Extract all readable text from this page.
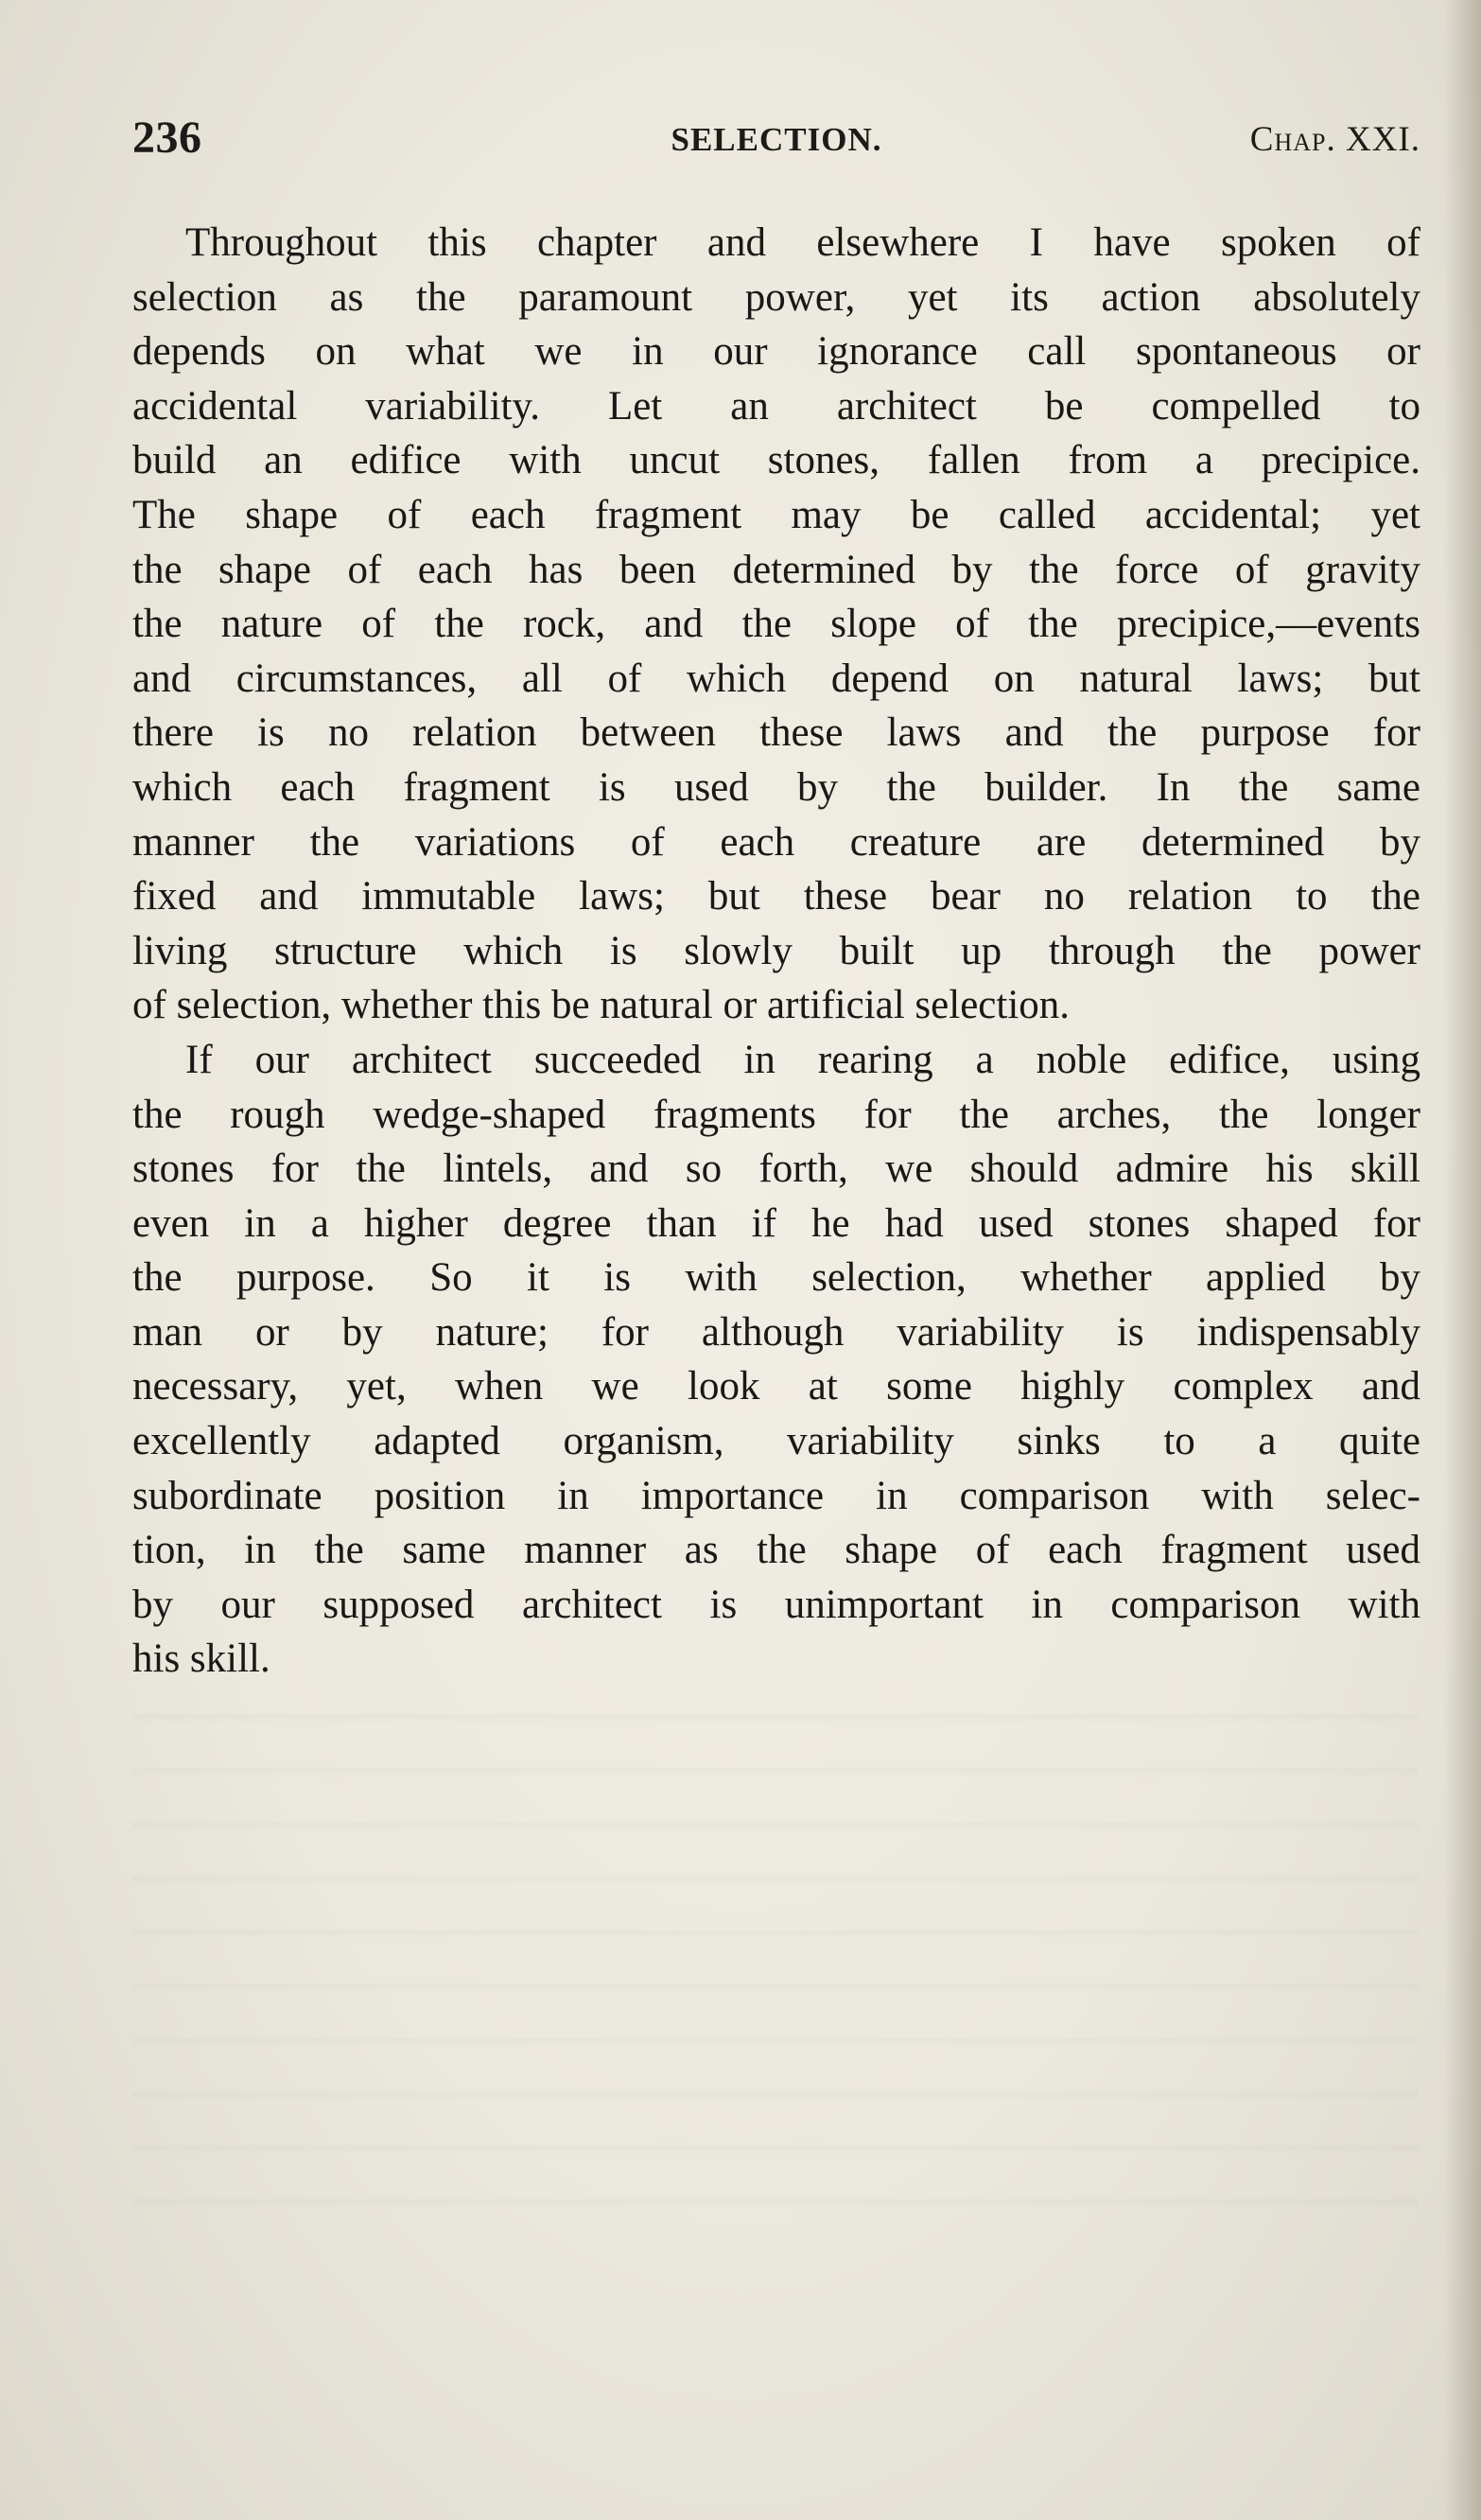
236	SELECTION.	Chap. XXI.

Throughout this chapter and elsewhere I have spoken of
selection as the paramount power, yet its action absolutely
depends on what we in our ignorance call spontaneous or
accidental variability. Let an architect be compelled to
build an edifice with uncut stones, fallen from a precipice.
The shape of each fragment may be called accidental; yet
the shape of each has been determined by the force of gravity
the nature of the rock, and the slope of the precipice,—events
and circumstances, all of which depend on natural laws; but
there is no relation between these laws and the purpose for
which each fragment is used by the builder. In the same
manner the variations of each creature are determined by
fixed and immutable laws; but these bear no relation to the
living structure which is slowly built up through the power
of selection, whether this be natural or artificial selection.

If our architect succeeded in rearing a noble edifice, using
the rough wedge-shaped fragments for the arches, the longer
stones for the lintels, and so forth, we should admire his skill
even in a higher degree than if he had used stones shaped for
the purpose. So it is with selection, whether applied by
man or by nature; for although variability is indispensably
necessary, yet, when we look at some highly complex and
excellently adapted organism, variability sinks to a quite
subordinate position in importance in comparison with selec-
tion, in the same manner as the shape of each fragment used
by our supposed architect is unimportant in comparison with
his skill.
